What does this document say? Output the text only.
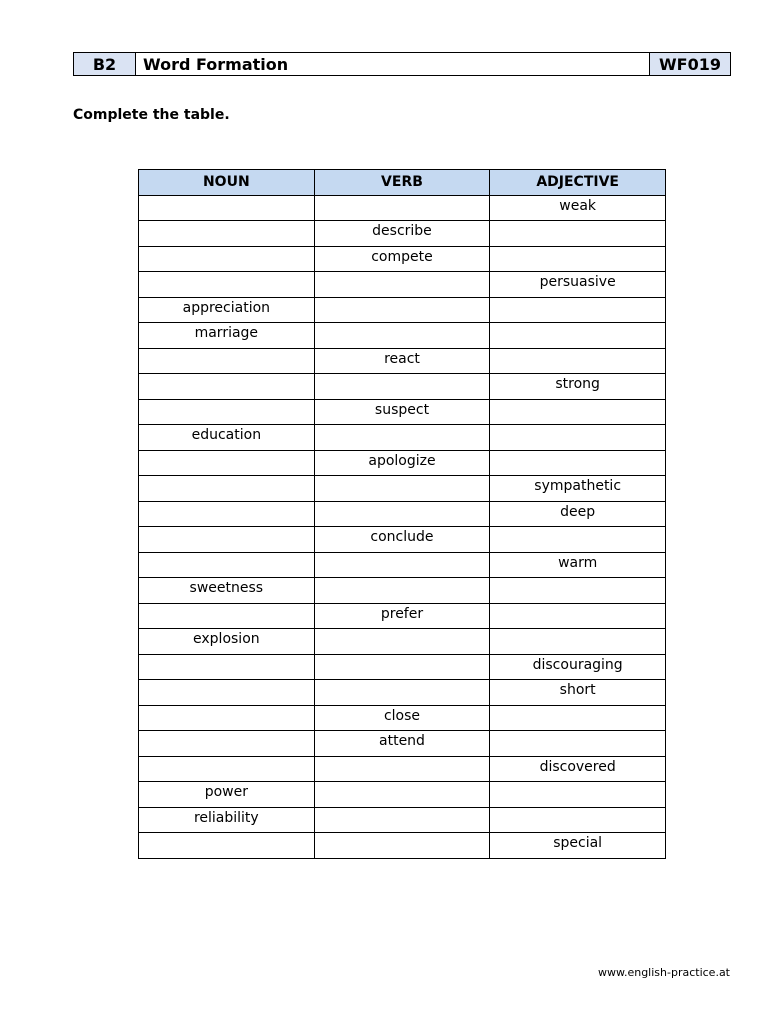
B2	Word Formation	WF019
Complete the table.
NOUN	VERB	ADJECTIVE
		weak
	describe	
	compete	
		persuasive
appreciation		
marriage		
	react	
		strong
	suspect	
education		
	apologize	
		sympathetic
		deep
	conclude	
		warm
sweetness		
	prefer	
explosion		
		discouraging
		short
	close	
	attend	
		discovered
power		
reliability		
		special
www.english-practice.at
